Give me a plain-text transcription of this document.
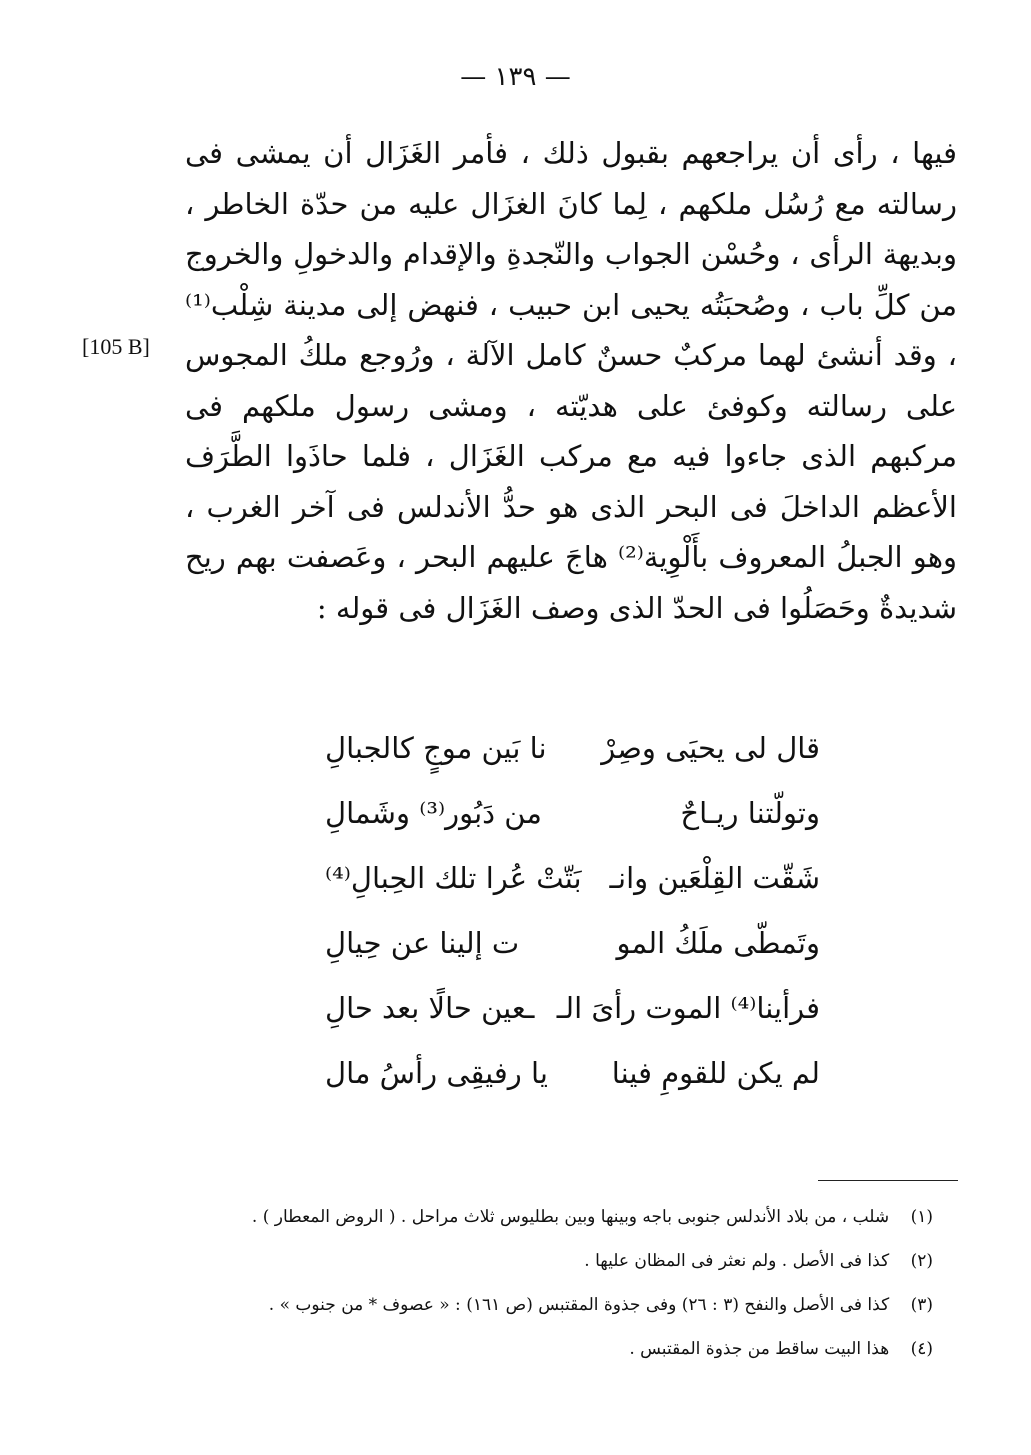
— ١٣٩ —
[105 B]

فيها ، رأى أن يراجعهم بقبول ذلك ، فأمر الغَزَال أن يمشى فى رسالته مع رُسُل ملكهم ، لِما كانَ الغزَال عليه من حدّة الخاطر ، وبديهة الرأى ، وحُسْن الجواب والنّجدةِ والإقدام والدخولِ والخروج من كلِّ باب ، وصُحبَتُه يحيى ابن حبيب ، فنهض إلى مدينة شِلْب⁽¹⁾ ، وقد أنشئ لهما مركبٌ حسنٌ كامل الآلة ، ورُوجع ملكُ المجوس على رسالته وكوفئ على هديّته ، ومشى رسول ملكهم فى مركبهم الذى جاءوا فيه مع مركب الغَزَال ، فلما حاذَوا الطَّرَف الأعظم الداخلَ فى البحر الذى هو حدُّ الأندلس فى آخر الغرب ، وهو الجبلُ المعروف بأَلْوِية⁽²⁾ هاجَ عليهم البحر ، وعَصفت بهم ريح شديدةٌ وحَصَلُوا فى الحدّ الذى وصف الغَزَال فى قوله :

قال لى يحيَى وصِرْ
نا بَين موجٍ كالجبالِ
وتولّتنا ريـاحٌ
من دَبُور⁽³⁾ وشَمالِ
شَقّت القِلْعَين وانـ
بَتّتْ عُرا تلك الحِبالِ⁽⁴⁾
وتَمطّى ملَكُ المو
ت إلينا عن حِيالِ
فرأينا⁽⁴⁾ الموت رأىَ الـ
ـعين حالًا بعد حالِ
لم يكن للقومِ فينا
يا رفيقِى رأسُ مال
(١) شلب ، من بلاد الأندلس جنوبى باجه وبينها وبين بطليوس ثلاث مراحل . ( الروض المعطار ) .
(٢) كذا فى الأصل . ولم نعثر فى المظان عليها .
(٣) كذا فى الأصل والنفح (٣ : ٢٦) وفى جذوة المقتبس (ص ١٦١) : « عصوف * من جنوب » .
(٤) هذا البيت ساقط من جذوة المقتبس .
